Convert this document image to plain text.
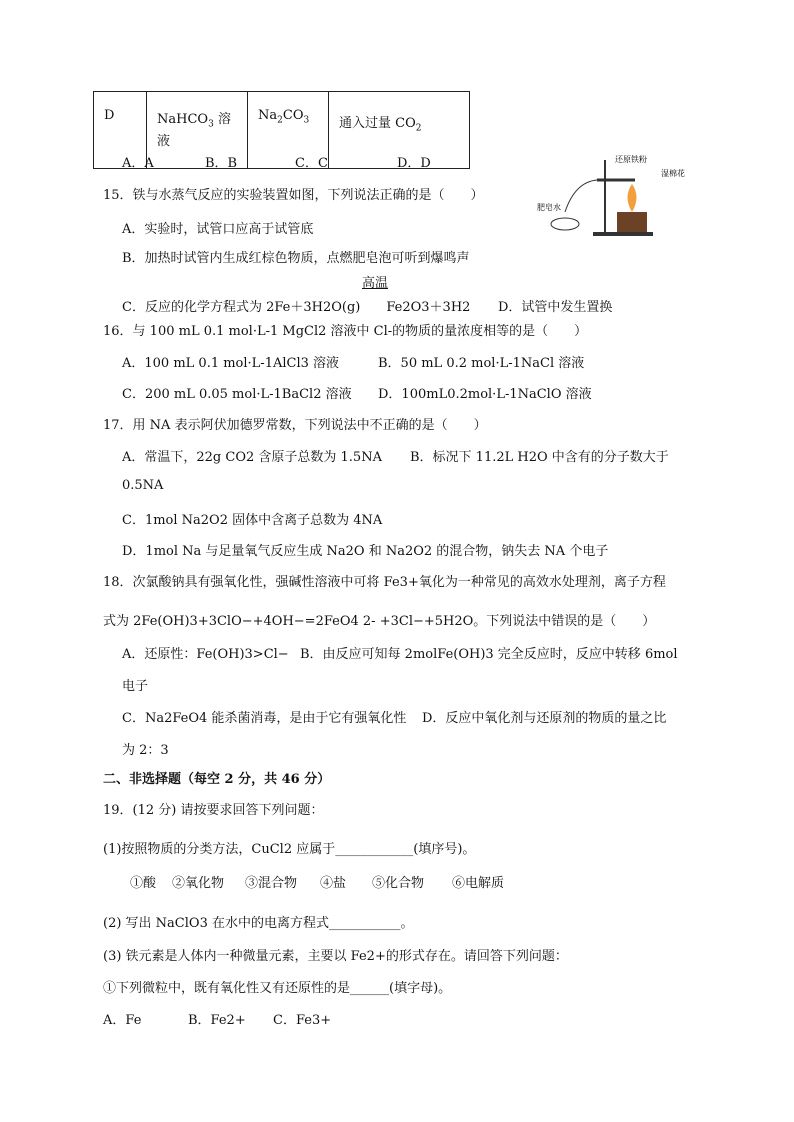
D	NaHCO$_3$ 溶液	$Na_2CO_3$	通入过量 $CO_2$
A．A	B．B	C．C	D．D
15．铁与水蒸气反应的实验装置如图，下列说法正确的是（　　）
A．实验时，试管口应高于试管底
B．加热时试管内生成红棕色物质，点燃肥皂泡可听到爆鸣声
高温
C．反应的化学方程式为 2Fe＋3H2O(g)　　Fe2O3＋3H2 D．试管中发生置换
还原铁粉
湿棉花
肥皂水
16．与 100 mL 0.1 mol·L-1 MgCl2 溶液中 Cl-的物质的量浓度相等的是（　　）
A．100 mL 0.1 mol·L-1AlCl3 溶液	B．50 mL 0.2 mol·L-1NaCl 溶液
C．200 mL 0.05 mol·L-1BaCl2 溶液 D．100mL0.2mol·L-1NaClO 溶液
17．用 NA 表示阿伏加德罗常数，下列说法中不正确的是（　　）
A．常温下，22g CO2 含原子总数为 1.5NA B．标况下 11.2L H2O 中含有的分子数大于
0.5NA
C．1mol Na2O2 固体中含离子总数为 4NA
D．1mol Na 与足量氧气反应生成 Na2O 和 Na2O2 的混合物，钠失去 NA 个电子
18．次氯酸钠具有强氧化性，强碱性溶液中可将 Fe3+氧化为一种常见的高效水处理剂，离子方程
式为 2Fe(OH)3+3ClO−+4OH−=2FeO4 2- +3Cl−+5H2O。下列说法中错误的是（　　）
A．还原性：Fe(OH)3>Cl− B．由反应可知每 2molFe(OH)3 完全反应时，反应中转移 6mol
电子
C．Na2FeO4 能杀菌消毒，是由于它有强氧化性 D．反应中氧化剂与还原剂的物质的量之比
为 2：3
二、非选择题（每空 2 分，共 46 分）
19．(12 分) 请按要求回答下列问题：
(1)按照物质的分类方法，CuCl2 应属于____________(填序号)。
①酸 ②氧化物 ③混合物 ④盐 ⑤化合物 ⑥电解质
(2) 写出 NaClO3 在水中的电离方程式___________。
(3) 铁元素是人体内一种微量元素，主要以 Fe2+的形式存在。请回答下列问题：
①下列微粒中，既有氧化性又有还原性的是______(填字母)。
A．Fe	B．Fe2+ C．Fe3+
